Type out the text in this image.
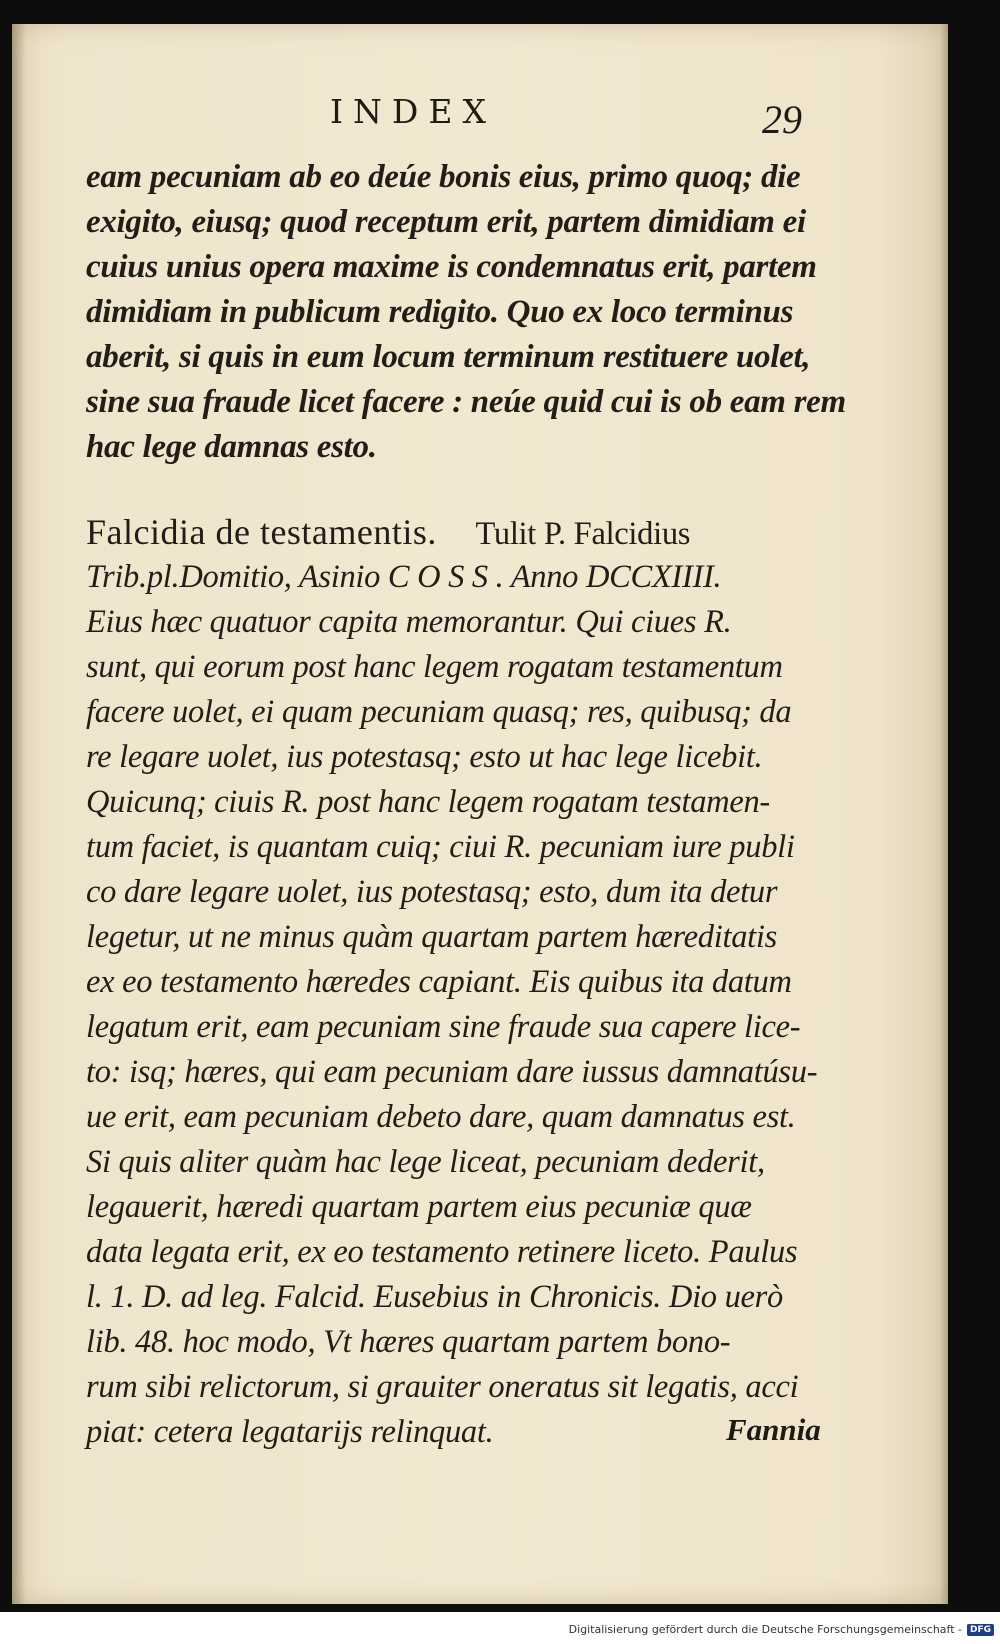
INDEX	29
eam pecuniam ab eo deúe bonis eius, primo quoq; die
exigito, eiusq; quod receptum erit, partem dimidiam ei
cuius unius opera maxime is condemnatus erit, partem
dimidiam in publicum redigito. Quo ex loco terminus
aberit, si quis in eum locum terminum restituere uolet,
sine sua fraude licet facere : neúe quid cui is ob eam rem
hac lege damnas esto.
Falcidia de testamentis. Tulit P. Falcidius
Trib.pl.Domitio, Asinio C O S S . Anno DCCXIIII.
Eius hæc quatuor capita memorantur. Qui ciues R.
sunt, qui eorum post hanc legem rogatam testamentum
facere uolet, ei quam pecuniam quasq; res, quibusq; da
re legare uolet, ius potestasq; esto ut hac lege licebit.
Quicunq; ciuis R. post hanc legem rogatam testamen-
tum faciet, is quantam cuiq; ciui R. pecuniam iure publi
co dare legare uolet, ius potestasq; esto, dum ita detur
legetur, ut ne minus quàm quartam partem hæreditatis
ex eo testamento hæredes capiant. Eis quibus ita datum
legatum erit, eam pecuniam sine fraude sua capere lice-
to: isq; hæres, qui eam pecuniam dare iussus damnatúsu-
ue erit, eam pecuniam debeto dare, quam damnatus est.
Si quis aliter quàm hac lege liceat, pecuniam dederit,
legauerit, hæredi quartam partem eius pecuniæ quæ
data legata erit, ex eo testamento retinere liceto. Paulus
l. 1. D. ad leg. Falcid. Eusebius in Chronicis. Dio uerò
lib. 48. hoc modo, Vt hæres quartam partem bono-
rum sibi relictorum, si grauiter oneratus sit legatis, acci
piat: cetera legatarijs relinquat.	Fannia
Digitalisierung gefördert durch die Deutsche Forschungsgemeinschaft - DFG
